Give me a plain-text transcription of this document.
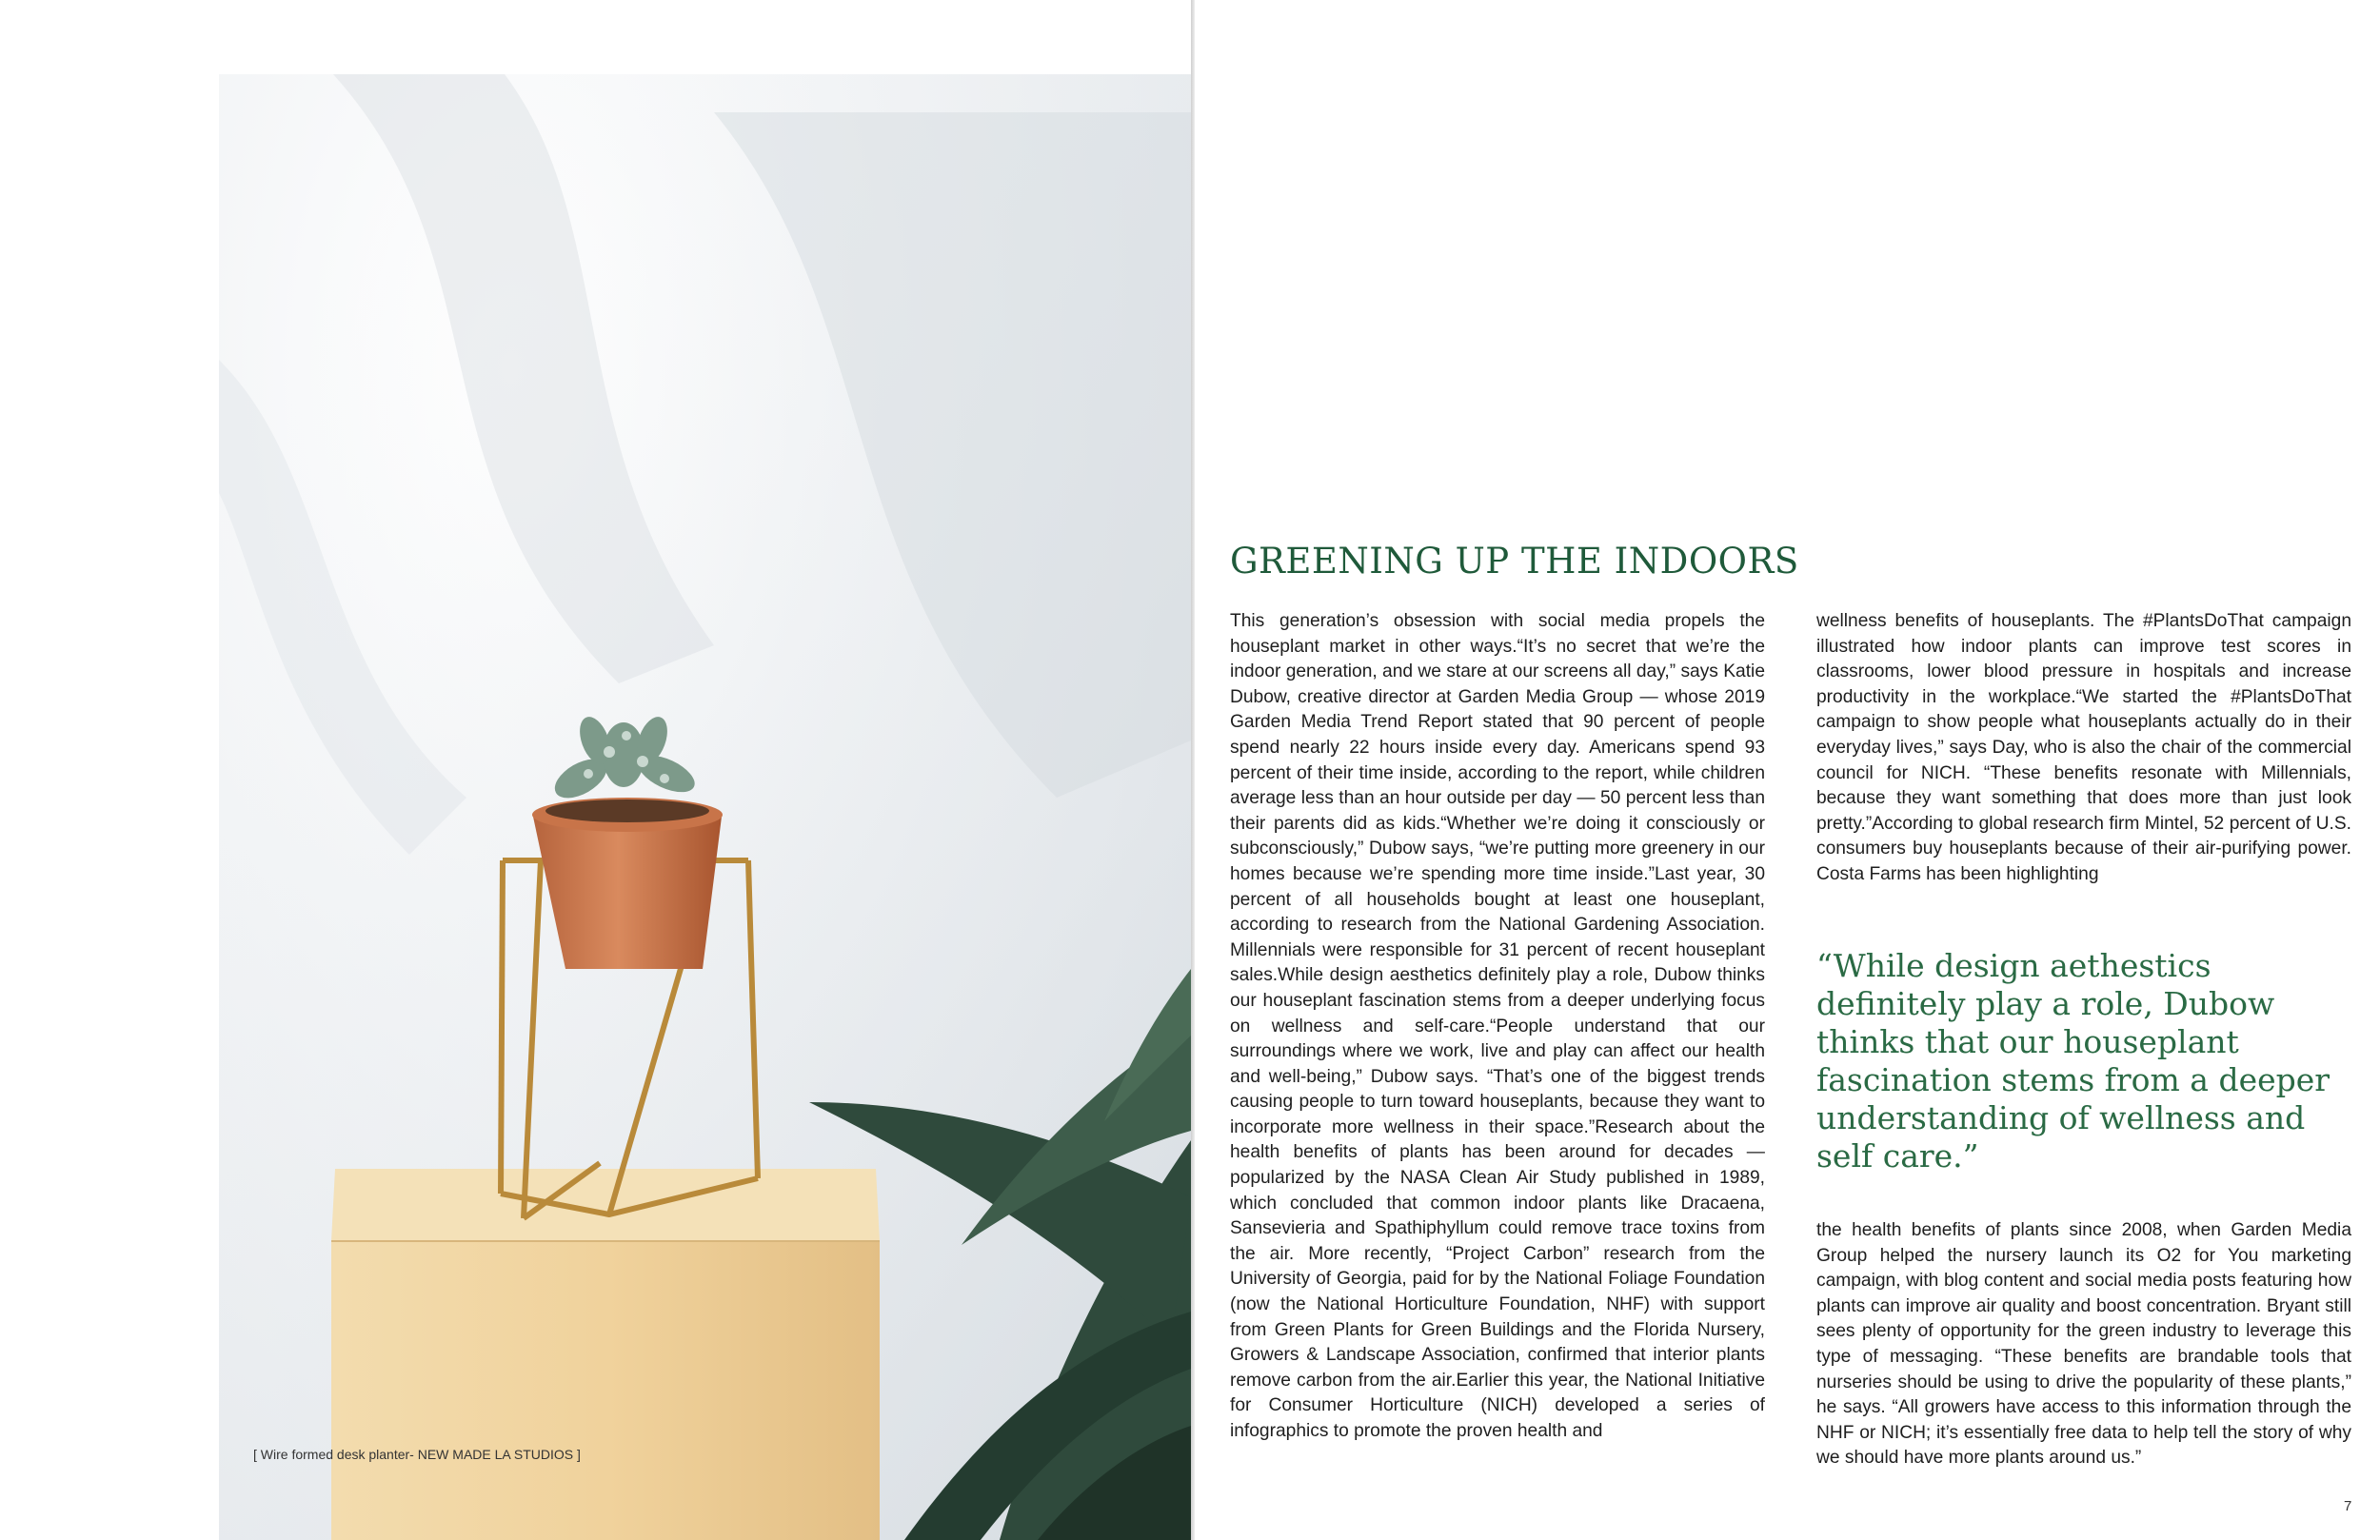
[ Wire formed desk planter- NEW MADE LA STUDIOS ]
GREENING UP THE INDOORS
This generation’s obsession with social media propels the houseplant market in other ways.“It’s no secret that we’re the indoor generation, and we stare at our screens all day,” says Katie Dubow, creative director at Garden Media Group — whose 2019 Garden Media Trend Report stated that 90 percent of people spend nearly 22 hours inside every day. Americans spend 93 percent of their time inside, according to the report, while children average less than an hour outside per day — 50 percent less than their parents did as kids.“Whether we’re doing it consciously or subconsciously,” Dubow says, “we’re putting more greenery in our homes because we’re spending more time inside.”Last year, 30 percent of all households bought at least one houseplant, according to research from the National Gardening Association. Millennials were responsible for 31 percent of recent houseplant sales.While design aesthetics definitely play a role, Dubow thinks our houseplant fascination stems from a deeper underlying focus on wellness and self-care.“People understand that our surroundings where we work, live and play can affect our health and well-being,” Dubow says. “That’s one of the biggest trends causing people to turn toward houseplants, because they want to incorporate more wellness in their space.”Research about the health benefits of plants has been around for decades — popularized by the NASA Clean Air Study published in 1989, which concluded that common indoor plants like Dracaena, Sansevieria and Spathiphyllum could remove trace toxins from the air. More recently, “Project Carbon” research from the University of Georgia, paid for by the National Foliage Foundation (now the National Horticulture Foundation, NHF) with support from Green Plants for Green Buildings and the Florida Nursery, Growers & Landscape Association, confirmed that interior plants remove carbon from the air.Earlier this year, the National Initiative for Consumer Horticulture (NICH) developed a series of infographics to promote the proven health and
wellness benefits of houseplants. The #PlantsDoThat campaign illustrated how indoor plants can improve test scores in classrooms, lower blood pressure in hospitals and increase productivity in the workplace.“We started the #PlantsDoThat campaign to show people what houseplants actually do in their everyday lives,” says Day, who is also the chair of the commercial council for NICH. “These benefits resonate with Millennials, because they want something that does more than just look pretty.”According to global research firm Mintel, 52 percent of U.S. consumers buy houseplants because of their air-purifying power. Costa Farms has been highlighting
“While design aethestics definitely play a role, Dubow thinks that our houseplant fascination stems from a deeper understanding of wellness and self care.”
the health benefits of plants since 2008, when Garden Media Group helped the nursery launch its O2 for You marketing campaign, with blog content and social media posts featuring how plants can improve air quality and boost concentration. Bryant still sees plenty of opportunity for the green industry to leverage this type of messaging. “These benefits are brandable tools that nurseries should be using to drive the popularity of these plants,” he says. “All growers have access to this information through the NHF or NICH; it’s essentially free data to help tell the story of why we should have more plants around us.”
7
